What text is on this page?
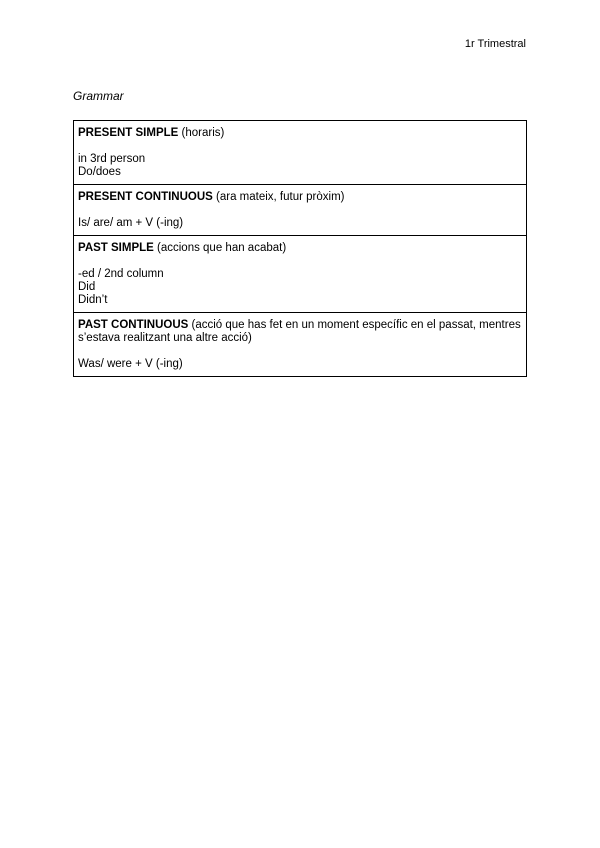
1r Trimestral
Grammar
PRESENT SIMPLE (horaris)
in 3rd person
Do/does

PRESENT CONTINUOUS (ara mateix, futur pròxim)
Is/ are/ am + V (-ing)

PAST SIMPLE (accions que han acabat)
-ed / 2nd column
Did
Didn’t

PAST CONTINUOUS (acció que has fet en un moment específic en el passat, mentres s’estava realitzant una altre acció)
Was/ were + V (-ing)
